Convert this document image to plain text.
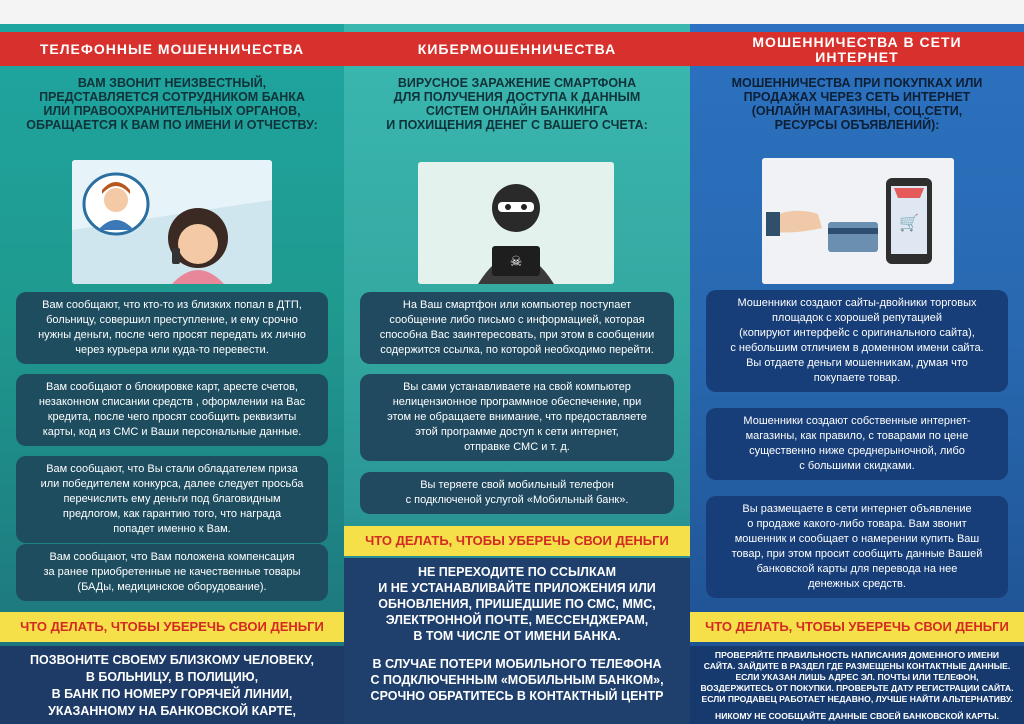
ТЕЛЕФОННЫЕ МОШЕННИЧЕСТВА
ВАМ ЗВОНИТ НЕИЗВЕСТНЫЙ,
ПРЕДСТАВЛЯЕТСЯ СОТРУДНИКОМ БАНКА
ИЛИ ПРАВООХРАНИТЕЛЬНЫХ ОРГАНОВ,
ОБРАЩАЕТСЯ К ВАМ ПО ИМЕНИ И ОТЧЕСТВУ:
Вам сообщают, что кто-то из близких попал в ДТП,
больницу, совершил преступление, и ему срочно
нужны деньги, после чего просят передать их лично
через курьера или куда-то перевести.
Вам сообщают о блокировке карт, аресте счетов,
незаконном списании средств , оформлении на Вас
кредита, после чего просят сообщить реквизиты
карты, код из СМС и Ваши персональные данные.
Вам сообщают, что Вы стали обладателем приза
или победителем конкурса, далее следует просьба
перечислить ему деньги под благовидным
предлогом, как гарантию того, что награда
попадет именно к Вам.
Вам сообщают, что Вам положена компенсация
за ранее приобретенные не качественные товары
(БАДы, медицинское оборудование).
ЧТО ДЕЛАТЬ, ЧТОБЫ УБЕРЕЧЬ СВОИ ДЕНЬГИ
ПОЗВОНИТЕ СВОЕМУ БЛИЗКОМУ ЧЕЛОВЕКУ,
В БОЛЬНИЦУ, В ПОЛИЦИЮ,
В БАНК ПО НОМЕРУ ГОРЯЧЕЙ ЛИНИИ,
УКАЗАННОМУ НА БАНКОВСКОЙ КАРТЕ,
КИБЕРМОШЕННИЧЕСТВА
ВИРУСНОЕ ЗАРАЖЕНИЕ СМАРТФОНА
ДЛЯ ПОЛУЧЕНИЯ ДОСТУПА К ДАННЫМ
СИСТЕМ ОНЛАЙН БАНКИНГА
И ПОХИЩЕНИЯ ДЕНЕГ С ВАШЕГО СЧЕТА:
☠
На Ваш смартфон или компьютер поступает
сообщение либо письмо с информацией, которая
способна Вас заинтересовать, при этом в сообщении
содержится ссылка, по которой необходимо перейти.
Вы сами устанавливаете на свой компьютер
нелицензионное программное обеспечение, при
этом не обращаете внимание, что предоставляете
этой программе доступ к сети интернет,
отправке СМС и т. д.
Вы теряете свой мобильный телефон
с подключеной услугой «Мобильный банк».
ЧТО ДЕЛАТЬ, ЧТОБЫ УБЕРЕЧЬ СВОИ ДЕНЬГИ
НЕ ПЕРЕХОДИТЕ ПО ССЫЛКАМ
И НЕ УСТАНАВЛИВАЙТЕ ПРИЛОЖЕНИЯ ИЛИ
ОБНОВЛЕНИЯ, ПРИШЕДШИЕ ПО СМС, ММС,
ЭЛЕКТРОННОЙ ПОЧТЕ, МЕССЕНДЖЕРАМ,
В ТОМ ЧИСЛЕ ОТ ИМЕНИ БАНКА.
В СЛУЧАЕ ПОТЕРИ МОБИЛЬНОГО ТЕЛЕФОНА
С ПОДКЛЮЧЕННЫМ «МОБИЛЬНЫМ БАНКОМ»,
СРОЧНО ОБРАТИТЕСЬ В КОНТАКТНЫЙ ЦЕНТР
МОШЕННИЧЕСТВА В СЕТИ
ИНТЕРНЕТ
МОШЕННИЧЕСТВА ПРИ ПОКУПКАХ ИЛИ
ПРОДАЖАХ ЧЕРЕЗ СЕТЬ ИНТЕРНЕТ
(ОНЛАЙН МАГАЗИНЫ, СОЦ.СЕТИ,
РЕСУРСЫ ОБЪЯВЛЕНИЙ):
🛒
Мошенники создают сайты-двойники торговых
площадок с хорошей репутацией
(копируют интерфейс с оригинального сайта),
с небольшим отличием в доменном имени сайта.
Вы отдаете деньги мошенникам, думая что
покупаете товар.
Мошенники создают собственные интернет-
магазины, как правило, с товарами по цене
существенно ниже среднерыночной, либо
с большими скидками.
Вы размещаете в сети интернет объявление
о продаже какого-либо товара. Вам звонит
мошенник и сообщает о намерении купить Ваш
товар, при этом просит сообщить данные Вашей
банковской карты для перевода на нее
денежных средств.
ЧТО ДЕЛАТЬ, ЧТОБЫ УБЕРЕЧЬ СВОИ ДЕНЬГИ
ПРОВЕРЯЙТЕ ПРАВИЛЬНОСТЬ НАПИСАНИЯ ДОМЕННОГО ИМЕНИ
САЙТА. ЗАЙДИТЕ В РАЗДЕЛ ГДЕ РАЗМЕЩЕНЫ КОНТАКТНЫЕ ДАННЫЕ.
ЕСЛИ УКАЗАН ЛИШЬ АДРЕС ЭЛ. ПОЧТЫ ИЛИ ТЕЛЕФОН,
ВОЗДЕРЖИТЕСЬ ОТ ПОКУПКИ. ПРОВЕРЬТЕ ДАТУ РЕГИСТРАЦИИ САЙТА.
ЕСЛИ ПРОДАВЕЦ РАБОТАЕТ НЕДАВНО, ЛУЧШЕ НАЙТИ АЛЬТЕРНАТИВУ.
НИКОМУ НЕ СООБЩАЙТЕ ДАННЫЕ СВОЕЙ БАНКОВСКОЙ КАРТЫ.
